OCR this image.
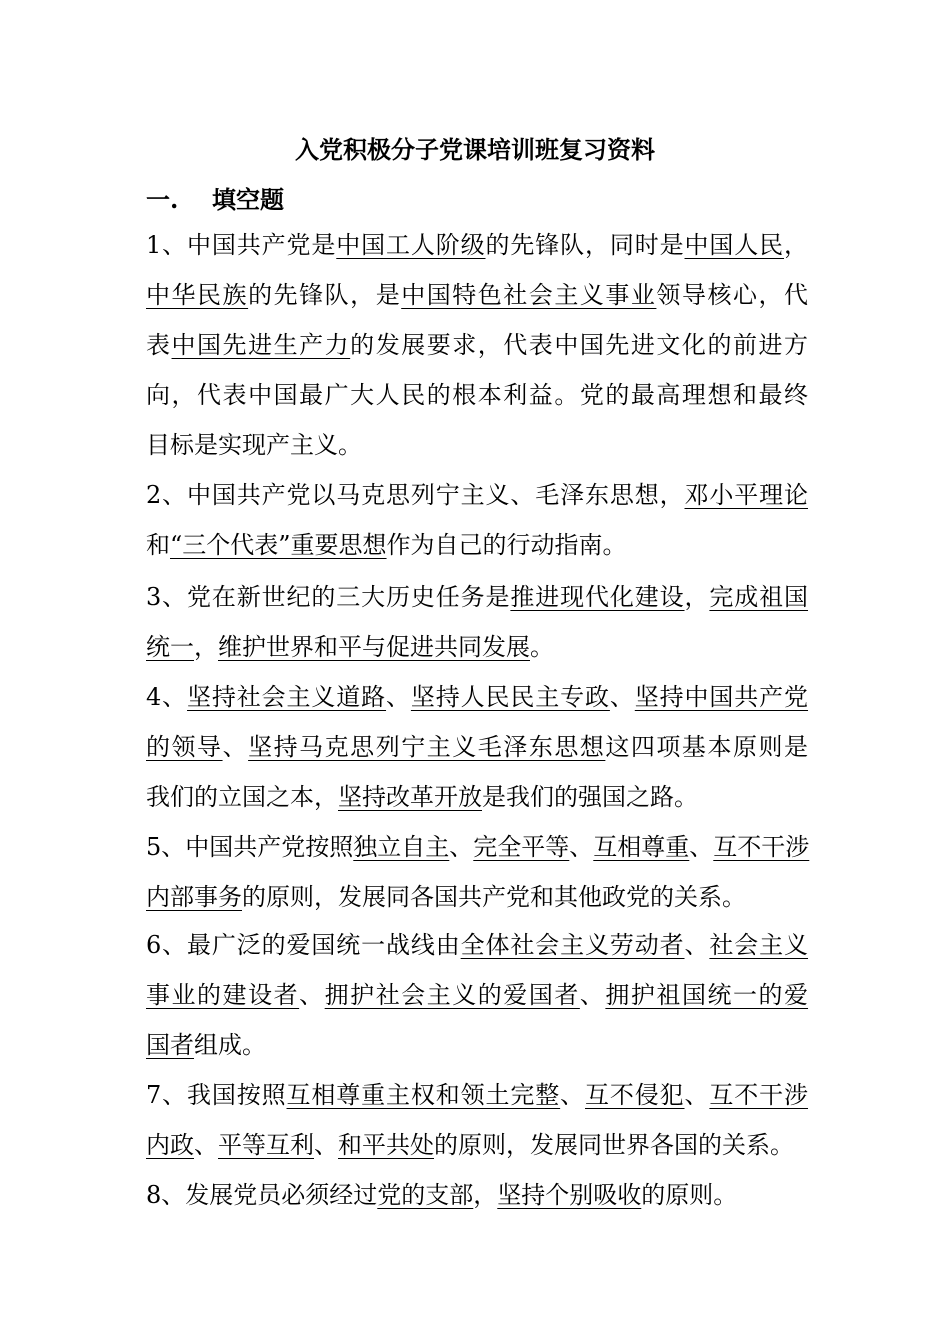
入党积极分子党课培训班复习资料
一. 填空题
1、中国共产党是中国工人阶级的先锋队，同时是中国人民，
中华民族的先锋队，是中国特色社会主义事业领导核心，代
表中国先进生产力的发展要求，代表中国先进文化的前进方
向，代表中国最广大人民的根本利益。党的最高理想和最终
目标是实现产主义。
2、中国共产党以马克思列宁主义、毛泽东思想，邓小平理论
和“三个代表”重要思想作为自己的行动指南。
3、党在新世纪的三大历史任务是推进现代化建设，完成祖国
统一，维护世界和平与促进共同发展。
4、坚持社会主义道路、坚持人民民主专政、坚持中国共产党
的领导、坚持马克思列宁主义毛泽东思想这四项基本原则是
我们的立国之本，坚持改革开放是我们的强国之路。
5、中国共产党按照独立自主、完全平等、互相尊重、互不干涉
内部事务的原则，发展同各国共产党和其他政党的关系。
6、最广泛的爱国统一战线由全体社会主义劳动者、社会主义
事业的建设者、拥护社会主义的爱国者、拥护祖国统一的爱
国者组成。
7、我国按照互相尊重主权和领土完整、互不侵犯、互不干涉
内政、平等互利、和平共处的原则，发展同世界各国的关系。
8、发展党员必须经过党的支部，坚持个别吸收的原则。
